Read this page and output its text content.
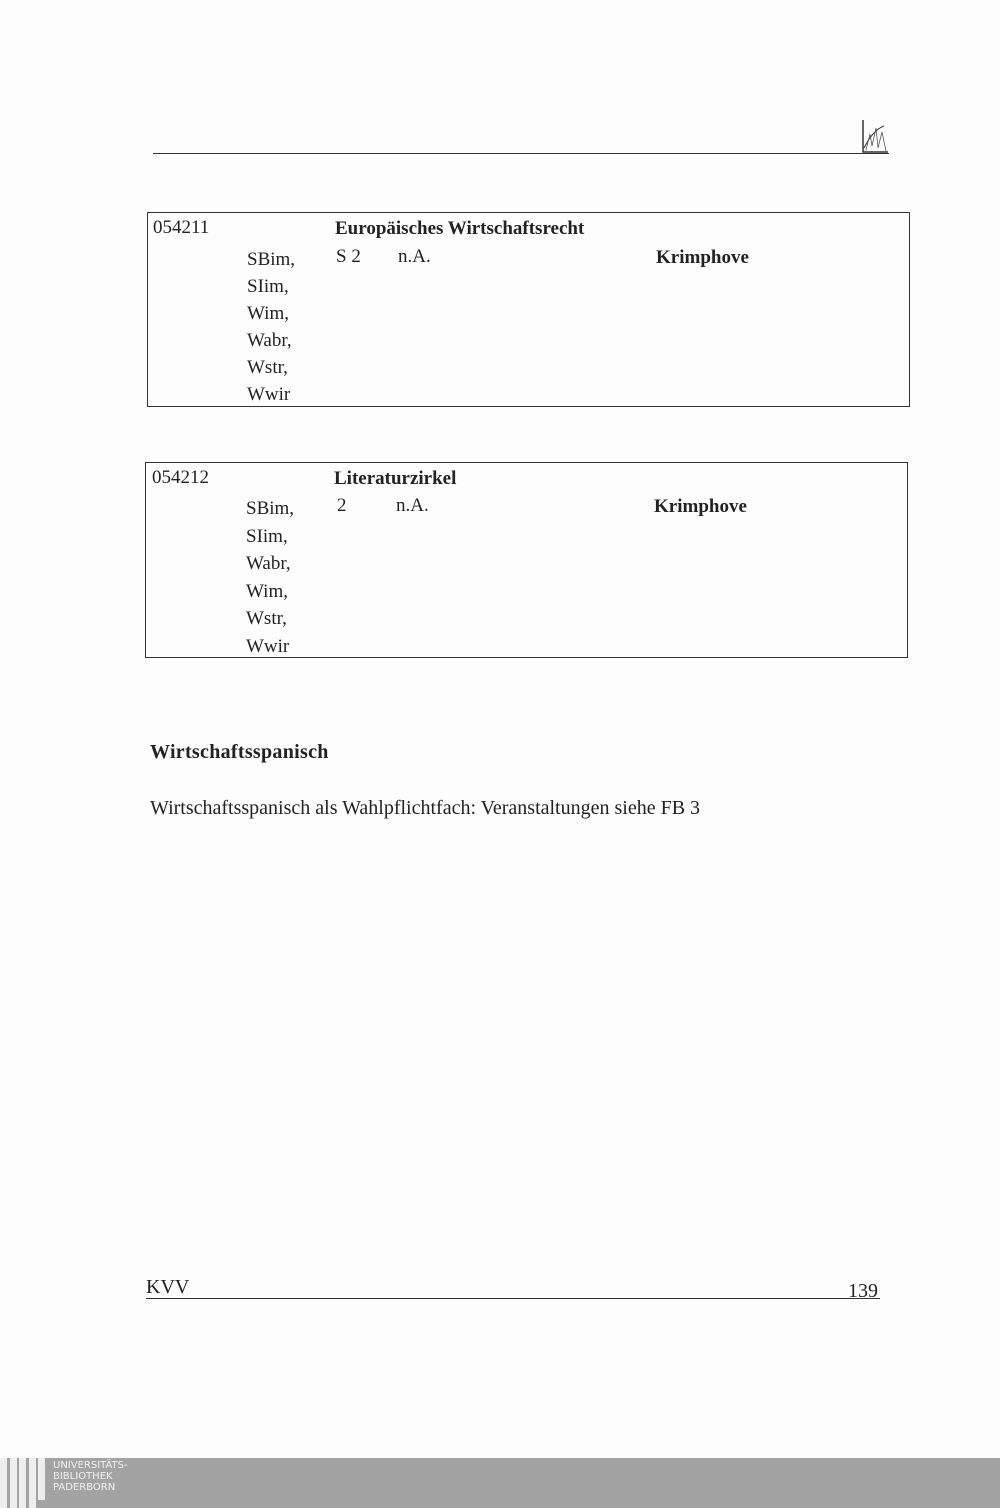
054211	Europäisches Wirtschaftsrecht
S 2 n.A.	Krimphove
SBim,
SIim,
Wim,
Wabr,
Wstr,
Wwir
054212	Literaturzirkel
2	n.A.	Krimphove
SBim,
SIim,
Wabr,
Wim,
Wstr,
Wwir
Wirtschaftsspanisch
Wirtschaftsspanisch als Wahlpflichtfach: Veranstaltungen siehe FB 3
KVV	139
UNIVERSITÄTS-
BIBLIOTHEK
PADERBORN
